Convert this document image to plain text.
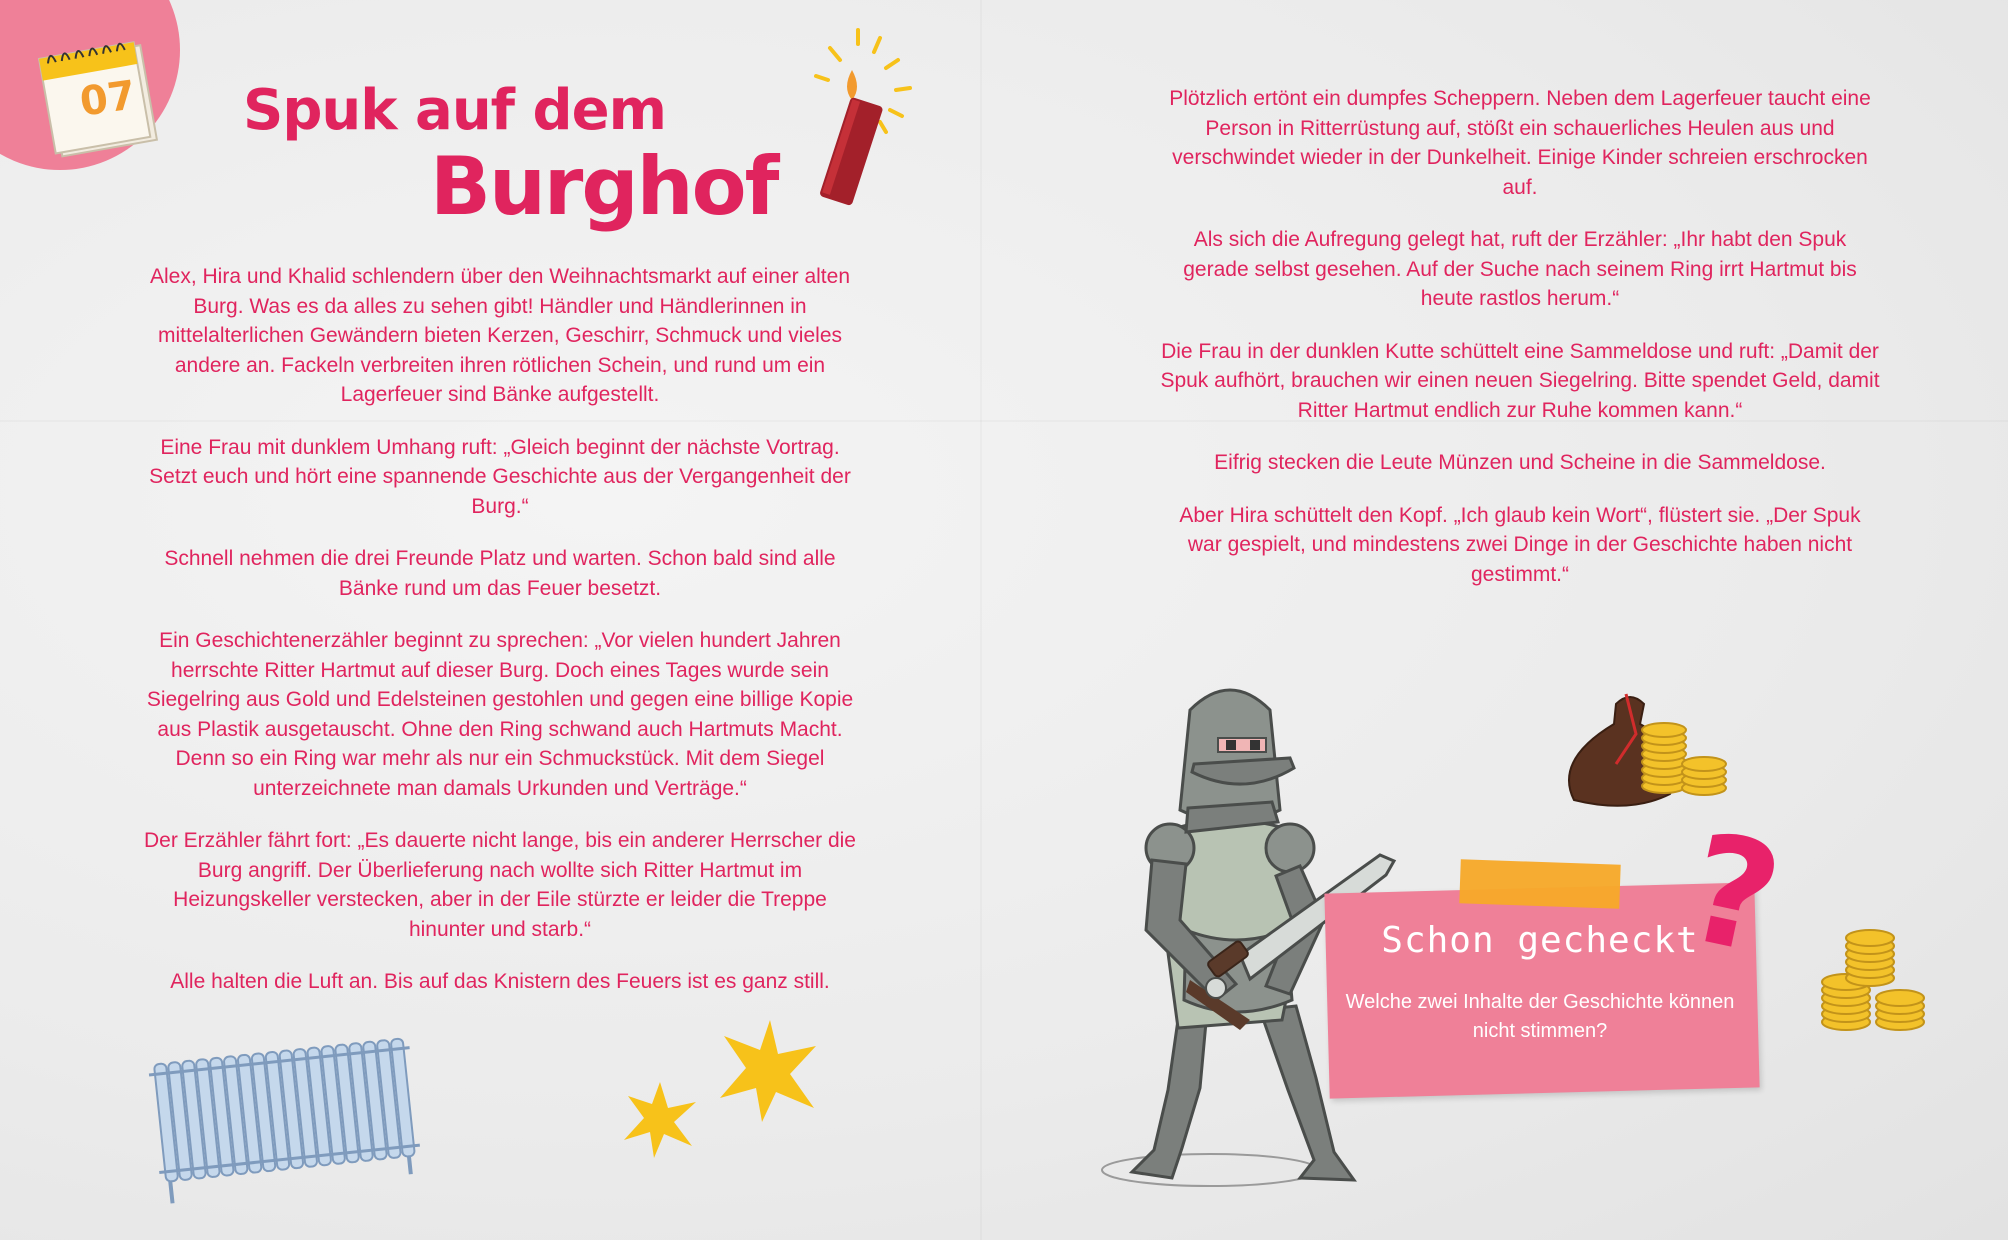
07 Spuk auf dem
Burghof

Alex, Hira und Khalid schlendern über den Weihnachtsmarkt auf einer alten Burg. Was es da alles zu sehen gibt! Händler und Händlerinnen in mittelalterlichen Gewändern bieten Kerzen, Geschirr, Schmuck und vieles andere an. Fackeln verbreiten ihren rötlichen Schein, und rund um ein Lagerfeuer sind Bänke aufgestellt.

Eine Frau mit dunklem Umhang ruft: „Gleich beginnt der nächste Vortrag. Setzt euch und hört eine spannende Geschichte aus der Vergangenheit der Burg.“

Schnell nehmen die drei Freunde Platz und warten. Schon bald sind alle Bänke rund um das Feuer besetzt.

Ein Geschichtenerzähler beginnt zu sprechen: „Vor vielen hundert Jahren herrschte Ritter Hartmut auf dieser Burg. Doch eines Tages wurde sein Siegelring aus Gold und Edelsteinen gestohlen und gegen eine billige Kopie aus Plastik ausgetauscht. Ohne den Ring schwand auch Hartmuts Macht. Denn so ein Ring war mehr als nur ein Schmuckstück. Mit dem Siegel unterzeichnete man damals Urkunden und Verträge.“

Der Erzähler fährt fort: „Es dauerte nicht lange, bis ein anderer Herrscher die Burg angriff. Der Überlieferung nach wollte sich Ritter Hartmut im Heizungskeller verstecken, aber in der Eile stürzte er leider die Treppe hinunter und starb.“

Alle halten die Luft an. Bis auf das Knistern des Feuers ist es ganz still.

Plötzlich ertönt ein dumpfes Scheppern. Neben dem Lagerfeuer taucht eine Person in Ritterrüstung auf, stößt ein schauerliches Heulen aus und verschwindet wieder in der Dunkelheit. Einige Kinder schreien erschrocken auf.

Als sich die Aufregung gelegt hat, ruft der Erzähler: „Ihr habt den Spuk gerade selbst gesehen. Auf der Suche nach seinem Ring irrt Hartmut bis heute rastlos herum.“

Die Frau in der dunklen Kutte schüttelt eine Sammeldose und ruft: „Damit der Spuk aufhört, brauchen wir einen neuen Siegelring. Bitte spendet Geld, damit Ritter Hartmut endlich zur Ruhe kommen kann.“

Eifrig stecken die Leute Münzen und Scheine in die Sammeldose.

Aber Hira schüttelt den Kopf. „Ich glaub kein Wort“, flüstert sie. „Der Spuk war gespielt, und mindestens zwei Dinge in der Geschichte haben nicht gestimmt.“

?
Schon gecheckt
Welche zwei Inhalte der Geschichte können nicht stimmen?
